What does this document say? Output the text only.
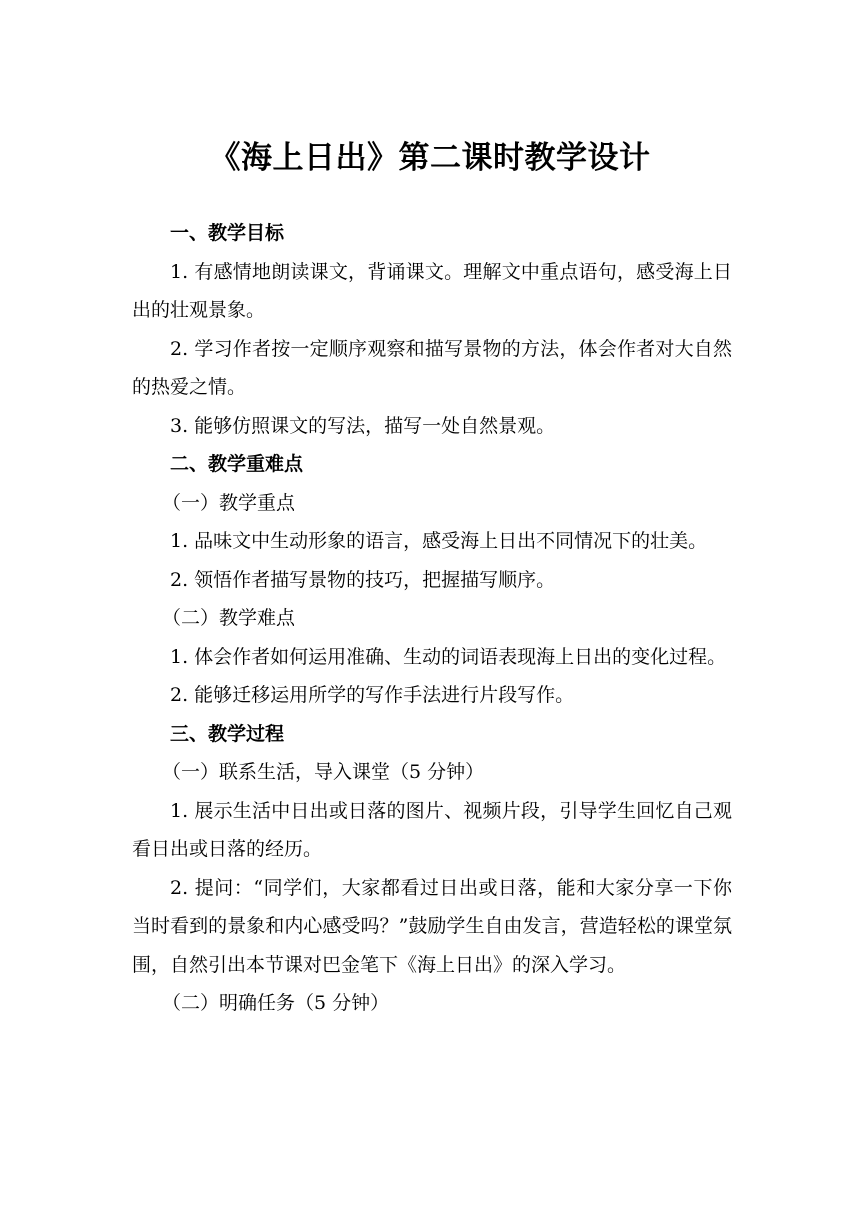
《海上日出》第二课时教学设计

一、教学目标

1. 有感情地朗读课文，背诵课文。理解文中重点语句，感受海上日出的壮观景象。

2. 学习作者按一定顺序观察和描写景物的方法，体会作者对大自然的热爱之情。

3. 能够仿照课文的写法，描写一处自然景观。

二、教学重难点

（一）教学重点

1. 品味文中生动形象的语言，感受海上日出不同情况下的壮美。

2. 领悟作者描写景物的技巧，把握描写顺序。

（二）教学难点

1. 体会作者如何运用准确、生动的词语表现海上日出的变化过程。

2. 能够迁移运用所学的写作手法进行片段写作。

三、教学过程

（一）联系生活，导入课堂（5 分钟）

1. 展示生活中日出或日落的图片、视频片段，引导学生回忆自己观看日出或日落的经历。

2. 提问：“同学们，大家都看过日出或日落，能和大家分享一下你当时看到的景象和内心感受吗？”鼓励学生自由发言，营造轻松的课堂氛围，自然引出本节课对巴金笔下《海上日出》的深入学习。

（二）明确任务（5 分钟）
